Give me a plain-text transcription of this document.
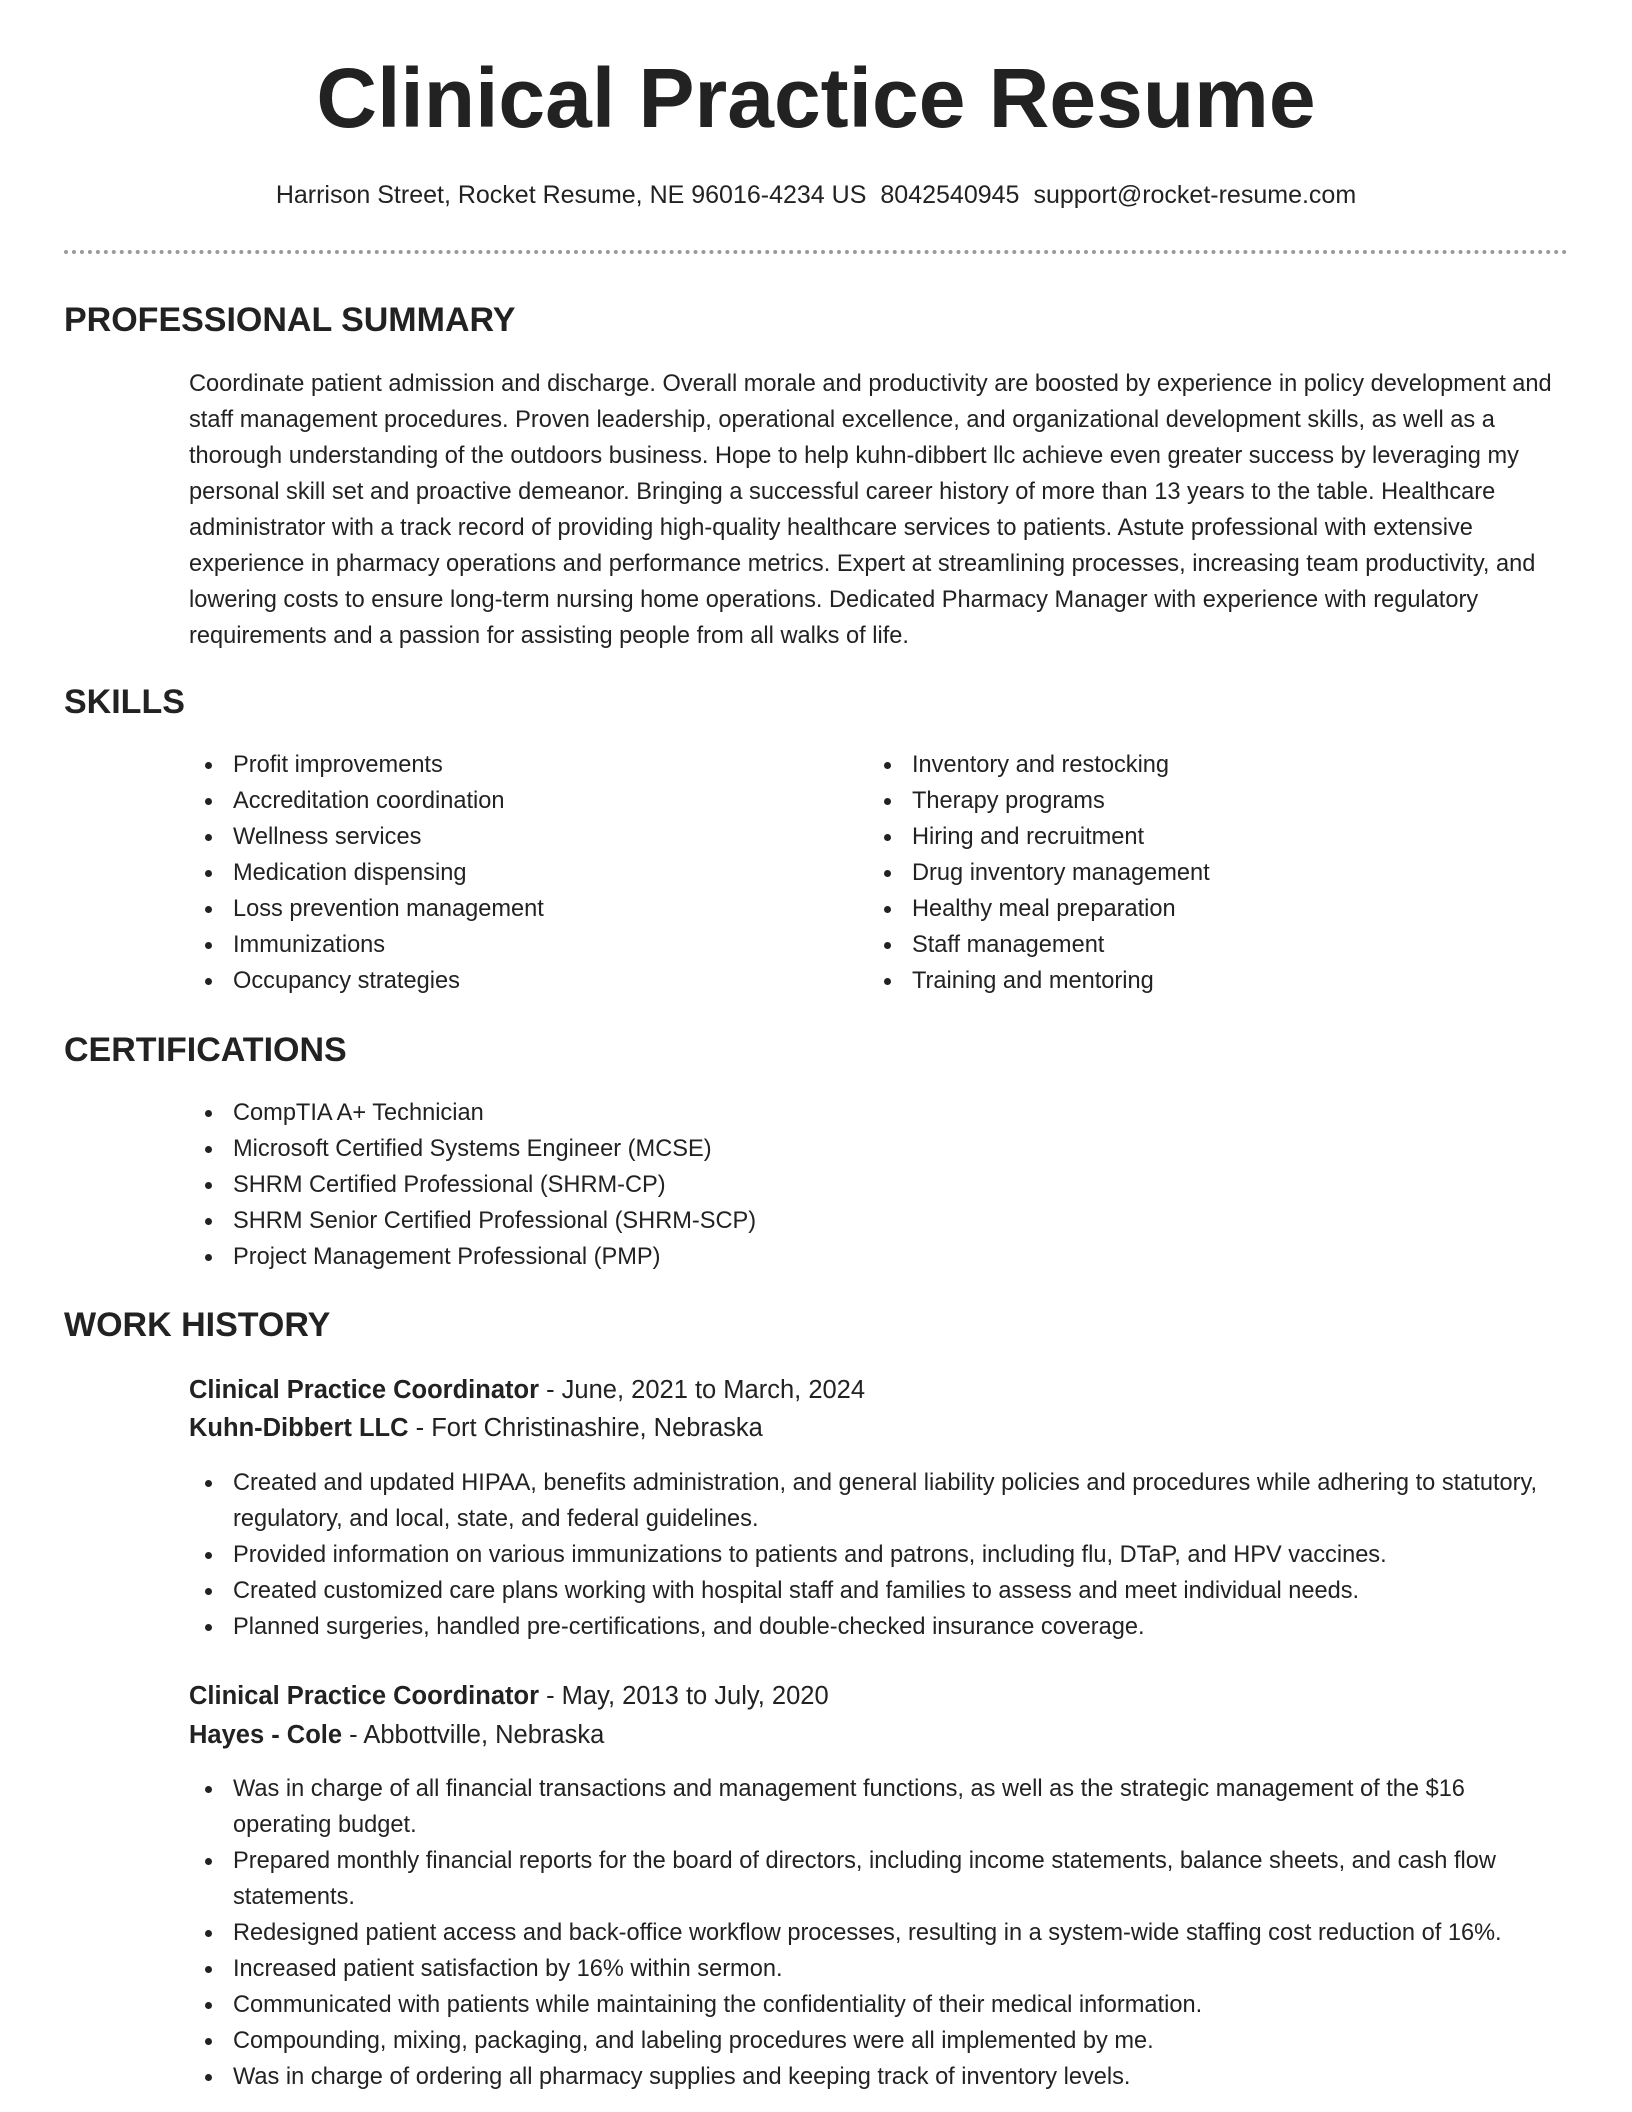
Clinical Practice Resume
Harrison Street, Rocket Resume, NE 96016-4234 US 8042540945 support@rocket-resume.com
PROFESSIONAL SUMMARY

Coordinate patient admission and discharge. Overall morale and productivity are boosted by experience in policy development and staff management procedures. Proven leadership, operational excellence, and organizational development skills, as well as a thorough understanding of the outdoors business. Hope to help kuhn-dibbert llc achieve even greater success by leveraging my personal skill set and proactive demeanor. Bringing a successful career history of more than 13 years to the table. Healthcare administrator with a track record of providing high-quality healthcare services to patients. Astute professional with extensive experience in pharmacy operations and performance metrics. Expert at streamlining processes, increasing team productivity, and lowering costs to ensure long-term nursing home operations. Dedicated Pharmacy Manager with experience with regulatory requirements and a passion for assisting people from all walks of life.

SKILLS
Profit improvements
Accreditation coordination
Wellness services
Medication dispensing
Loss prevention management
Immunizations
Occupancy strategies
Inventory and restocking
Therapy programs
Hiring and recruitment
Drug inventory management
Healthy meal preparation
Staff management
Training and mentoring
CERTIFICATIONS
CompTIA A+ Technician
Microsoft Certified Systems Engineer (MCSE)
SHRM Certified Professional (SHRM-CP)
SHRM Senior Certified Professional (SHRM-SCP)
Project Management Professional (PMP)
WORK HISTORY
Clinical Practice Coordinator - June, 2021 to March, 2024
Kuhn-Dibbert LLC - Fort Christinashire, Nebraska
Created and updated HIPAA, benefits administration, and general liability policies and procedures while adhering to statutory, regulatory, and local, state, and federal guidelines.
Provided information on various immunizations to patients and patrons, including flu, DTaP, and HPV vaccines.
Created customized care plans working with hospital staff and families to assess and meet individual needs.
Planned surgeries, handled pre-certifications, and double-checked insurance coverage.
Clinical Practice Coordinator - May, 2013 to July, 2020
Hayes - Cole - Abbottville, Nebraska
Was in charge of all financial transactions and management functions, as well as the strategic management of the $16 operating budget.
Prepared monthly financial reports for the board of directors, including income statements, balance sheets, and cash flow statements.
Redesigned patient access and back-office workflow processes, resulting in a system-wide staffing cost reduction of 16%.
Increased patient satisfaction by 16% within sermon.
Communicated with patients while maintaining the confidentiality of their medical information.
Compounding, mixing, packaging, and labeling procedures were all implemented by me.
Was in charge of ordering all pharmacy supplies and keeping track of inventory levels.
